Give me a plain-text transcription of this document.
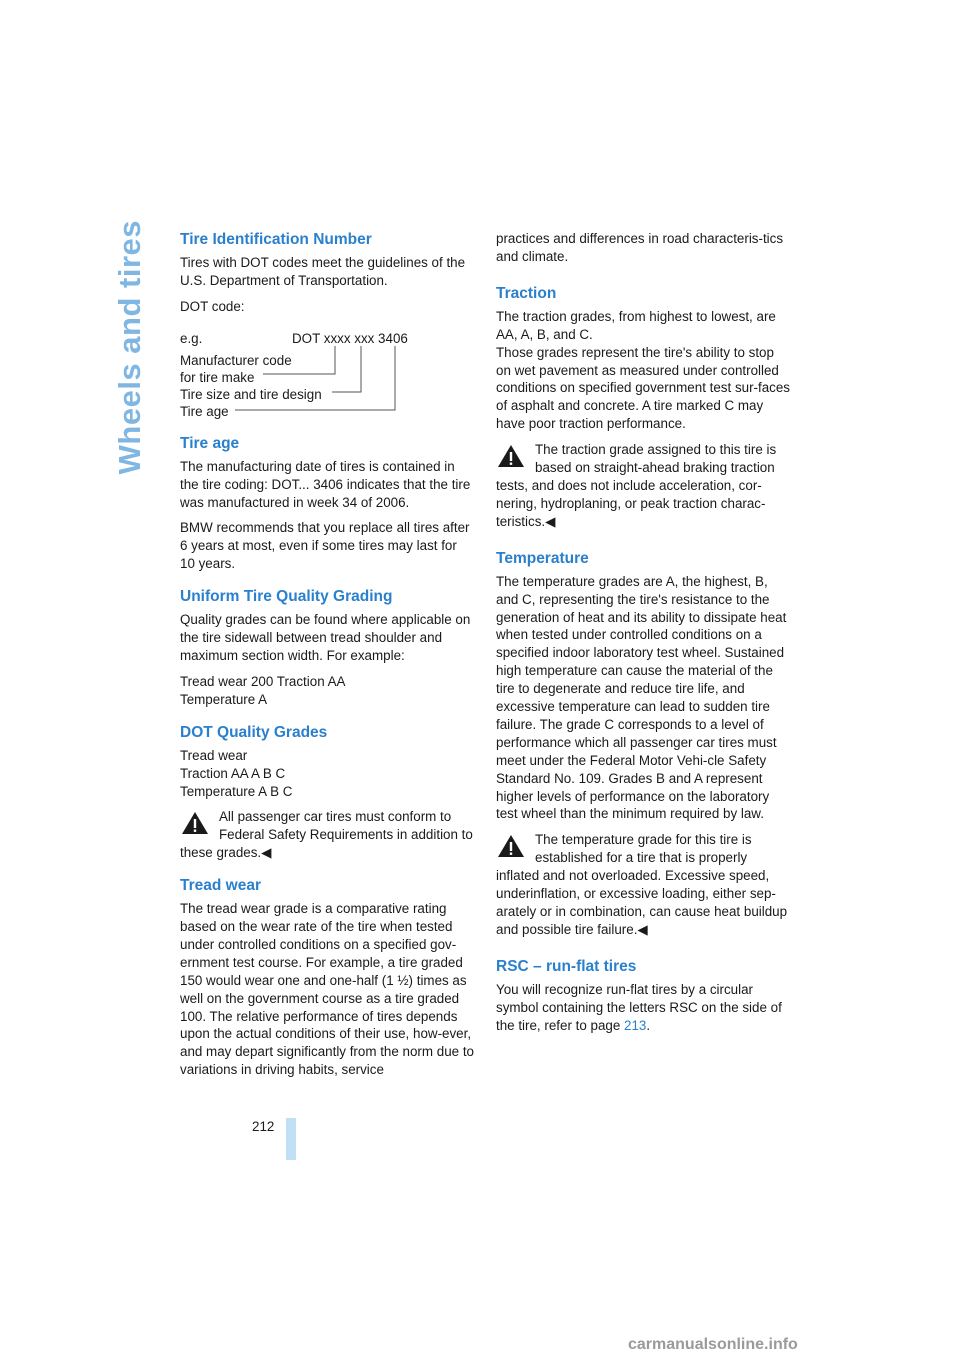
Wheels and tires Tire Identification Number

Tires with DOT codes meet the guidelines of the U.S. Department of Transportation.

DOT code:

e.g.	DOT xxxx xxx 3406
Manufacturer code
for tire make
Tire size and tire design
Tire age
Tire age

The manufacturing date of tires is contained in the tire coding: DOT... 3406 indicates that the tire was manufactured in week 34 of 2006.

BMW recommends that you replace all tires after 6 years at most, even if some tires may last for 10 years.

Uniform Tire Quality Grading

Quality grades can be found where applicable on the tire sidewall between tread shoulder and maximum section width. For example:

Tread wear 200 Traction AA

Temperature A

DOT Quality Grades

Tread wear

Traction AA A B C

Temperature A B C

All passenger car tires must conform to Federal Safety Requirements in addition to these grades.◀
Tread wear

The tread wear grade is a comparative rating based on the wear rate of the tire when tested under controlled conditions on a specified gov-ernment test course. For example, a tire graded 150 would wear one and one-half (1 ½) times as well on the government course as a tire graded 100. The relative performance of tires depends upon the actual conditions of their use, how-ever, and may depart significantly from the norm due to variations in driving habits, service

practices and differences in road characteris-tics and climate.

Traction

The traction grades, from highest to lowest, are AA, A, B, and C.

Those grades represent the tire's ability to stop on wet pavement as measured under controlled conditions on specified government test sur-faces of asphalt and concrete. A tire marked C may have poor traction performance.

The traction grade assigned to this tire is based on straight-ahead braking traction tests, and does not include acceleration, cor-nering, hydroplaning, or peak traction charac-teristics.◀
Temperature

The temperature grades are A, the highest, B, and C, representing the tire's resistance to the generation of heat and its ability to dissipate heat when tested under controlled conditions on a specified indoor laboratory test wheel. Sustained high temperature can cause the material of the tire to degenerate and reduce tire life, and excessive temperature can lead to sudden tire failure. The grade C corresponds to a level of performance which all passenger car tires must meet under the Federal Motor Vehi-cle Safety Standard No. 109. Grades B and A represent higher levels of performance on the laboratory test wheel than the minimum required by law.

The temperature grade for this tire is established for a tire that is properly inflated and not overloaded. Excessive speed, underinflation, or excessive loading, either sep-arately or in combination, can cause heat buildup and possible tire failure.◀
RSC – run-flat tires

You will recognize run-flat tires by a circular symbol containing the letters RSC on the side of the tire, refer to page 213.

212
carmanualsonline.info
